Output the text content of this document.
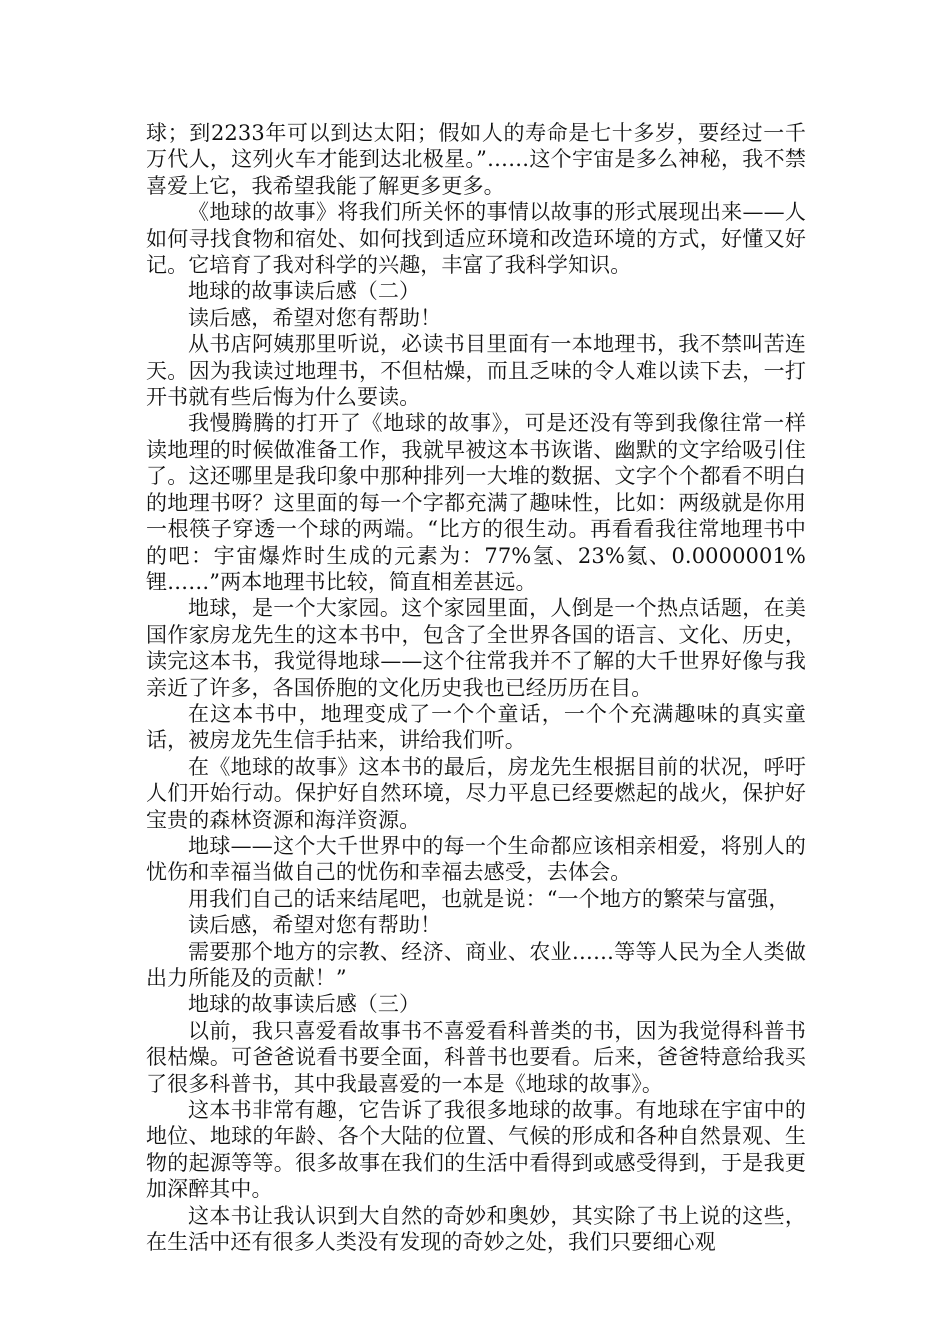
球；到2233年可以到达太阳；假如人的寿命是七十多岁，要经过一千万代人，这列火车才能到达北极星。”……这个宇宙是多么神秘，我不禁喜爱上它，我希望我能了解更多更多。

《地球的故事》将我们所关怀的事情以故事的形式展现出来——人如何寻找食物和宿处、如何找到适应环境和改造环境的方式，好懂又好记。它培育了我对科学的兴趣，丰富了我科学知识。

地球的故事读后感（二）

读后感，希望对您有帮助！

从书店阿姨那里听说，必读书目里面有一本地理书，我不禁叫苦连天。因为我读过地理书，不但枯燥，而且乏味的令人难以读下去，一打开书就有些后悔为什么要读。

我慢腾腾的打开了《地球的故事》，可是还没有等到我像往常一样读地理的时候做准备工作，我就早被这本书诙谐、幽默的文字给吸引住了。这还哪里是我印象中那种排列一大堆的数据、文字个个都看不明白的地理书呀？这里面的每一个字都充满了趣味性，比如：两级就是你用一根筷子穿透一个球的两端。“比方的很生动。再看看我往常地理书中的吧：宇宙爆炸时生成的元素为：77%氢、23%氦、0.0000001%锂……”两本地理书比较，简直相差甚远。

地球，是一个大家园。这个家园里面，人倒是一个热点话题，在美国作家房龙先生的这本书中，包含了全世界各国的语言、文化、历史，读完这本书，我觉得地球——这个往常我并不了解的大千世界好像与我亲近了许多，各国侨胞的文化历史我也已经历历在目。

在这本书中，地理变成了一个个童话，一个个充满趣味的真实童话，被房龙先生信手拈来，讲给我们听。

在《地球的故事》这本书的最后，房龙先生根据目前的状况，呼吁人们开始行动。保护好自然环境，尽力平息已经要燃起的战火，保护好宝贵的森林资源和海洋资源。

地球——这个大千世界中的每一个生命都应该相亲相爱，将别人的忧伤和幸福当做自己的忧伤和幸福去感受，去体会。

用我们自己的话来结尾吧，也就是说：“一个地方的繁荣与富强，

读后感，希望对您有帮助！

需要那个地方的宗教、经济、商业、农业……等等人民为全人类做出力所能及的贡献！”

地球的故事读后感（三）

以前，我只喜爱看故事书不喜爱看科普类的书，因为我觉得科普书很枯燥。可爸爸说看书要全面，科普书也要看。后来，爸爸特意给我买了很多科普书，其中我最喜爱的一本是《地球的故事》。

这本书非常有趣，它告诉了我很多地球的故事。有地球在宇宙中的地位、地球的年龄、各个大陆的位置、气候的形成和各种自然景观、生物的起源等等。很多故事在我们的生活中看得到或感受得到，于是我更加深醉其中。

这本书让我认识到大自然的奇妙和奥妙，其实除了书上说的这些，在生活中还有很多人类没有发现的奇妙之处，我们只要细心观
